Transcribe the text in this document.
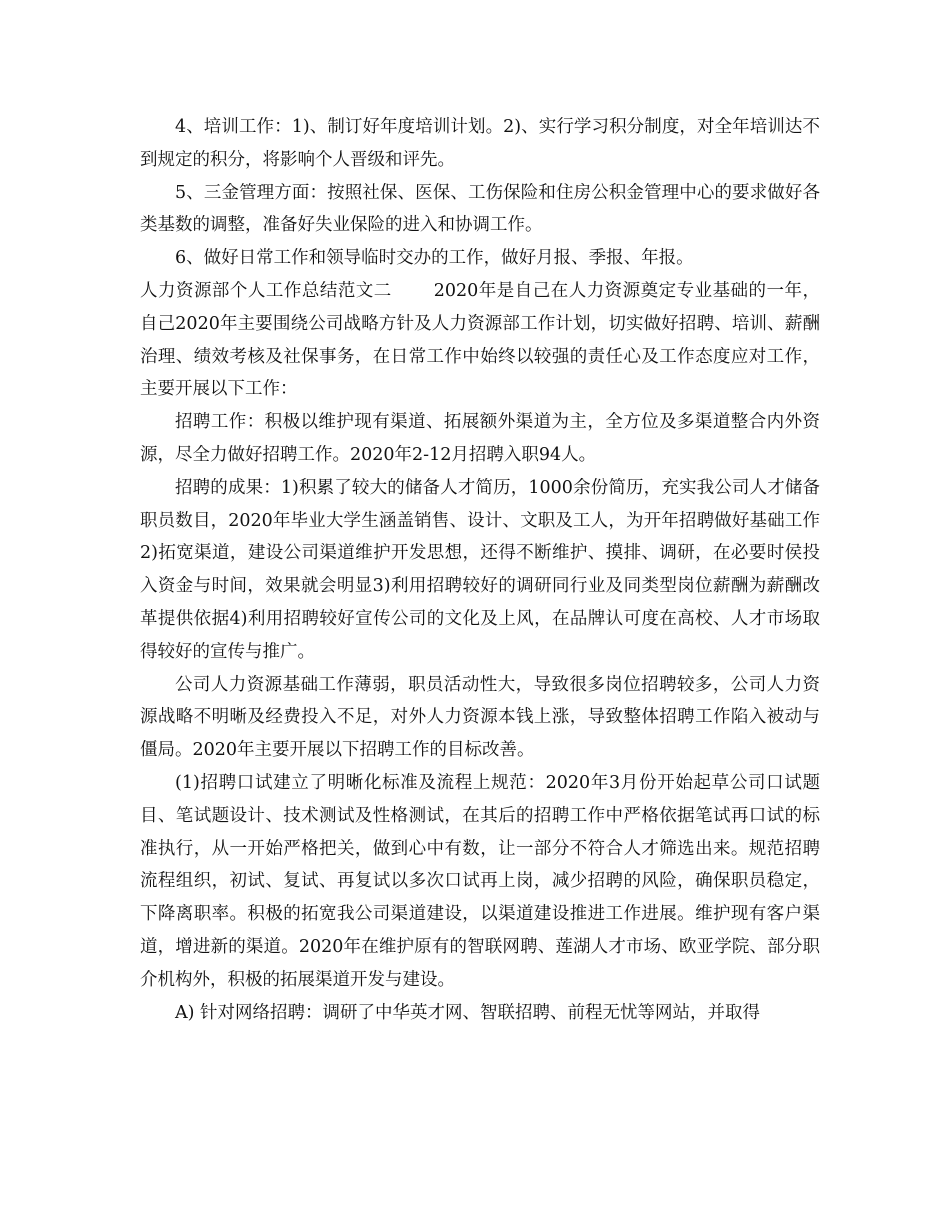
4、培训工作：1)、制订好年度培训计划。2)、实行学习积分制度，对全年培训达不到规定的积分，将影响个人晋级和评先。

5、三金管理方面：按照社保、医保、工伤保险和住房公积金管理中心的要求做好各类基数的调整，准备好失业保险的进入和协调工作。

6、做好日常工作和领导临时交办的工作，做好月报、季报、年报。

人力资源部个人工作总结范文二　　 2020年是自己在人力资源奠定专业基础的一年，自己2020年主要围绕公司战略方针及人力资源部工作计划，切实做好招聘、培训、薪酬治理、绩效考核及社保事务，在日常工作中始终以较强的责任心及工作态度应对工作，主要开展以下工作：

招聘工作：积极以维护现有渠道、拓展额外渠道为主，全方位及多渠道整合内外资源，尽全力做好招聘工作。2020年2-12月招聘入职94人。

招聘的成果：1)积累了较大的储备人才简历，1000余份简历，充实我公司人才储备职员数目，2020年毕业大学生涵盖销售、设计、文职及工人，为开年招聘做好基础工作2)拓宽渠道，建设公司渠道维护开发思想，还得不断维护、摸排、调研，在必要时侯投入资金与时间，效果就会明显3)利用招聘较好的调研同行业及同类型岗位薪酬为薪酬改革提供依据4)利用招聘较好宣传公司的文化及上风，在品牌认可度在高校、人才市场取得较好的宣传与推广。

公司人力资源基础工作薄弱，职员活动性大，导致很多岗位招聘较多，公司人力资源战略不明晰及经费投入不足，对外人力资源本钱上涨，导致整体招聘工作陷入被动与僵局。2020年主要开展以下招聘工作的目标改善。

(1)招聘口试建立了明晰化标准及流程上规范：2020年3月份开始起草公司口试题目、笔试题设计、技术测试及性格测试，在其后的招聘工作中严格依据笔试再口试的标准执行，从一开始严格把关，做到心中有数，让一部分不符合人才筛选出来。规范招聘流程组织，初试、复试、再复试以多次口试再上岗，减少招聘的风险，确保职员稳定，下降离职率。积极的拓宽我公司渠道建设，以渠道建设推进工作进展。维护现有客户渠道，增进新的渠道。2020年在维护原有的智联网聘、莲湖人才市场、欧亚学院、部分职介机构外，积极的拓展渠道开发与建设。

A) 针对网络招聘：调研了中华英才网、智联招聘、前程无忧等网站，并取得
